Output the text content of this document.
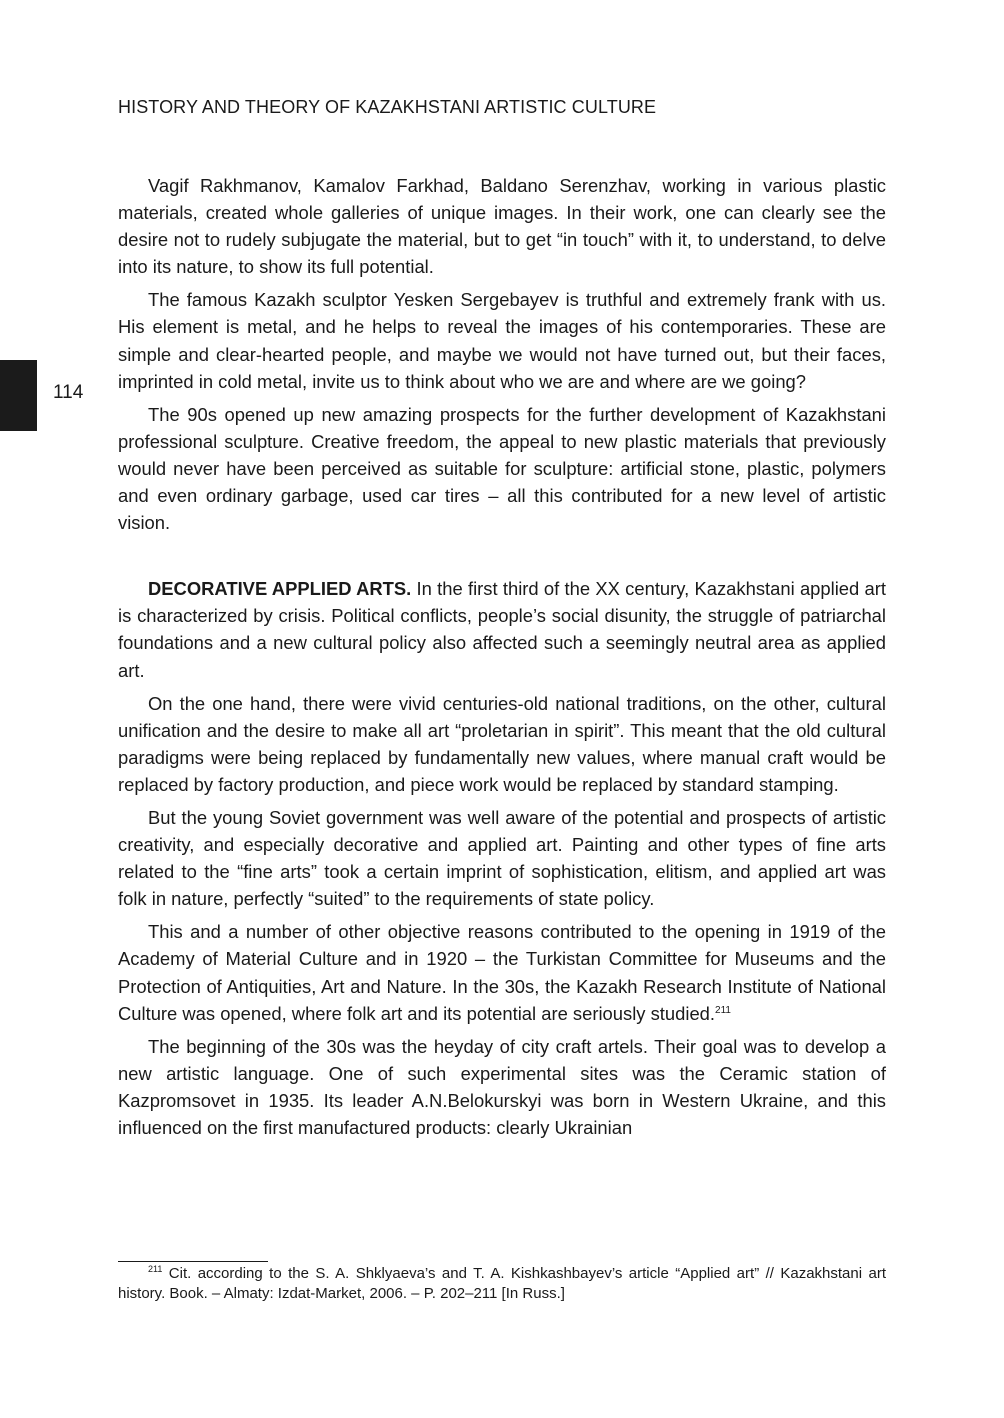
HISTORY AND THEORY OF KAZAKHSTANI ARTISTIC CULTURE
114

Vagif Rakhmanov, Kamalov Farkhad, Baldano Serenzhav, working in various plastic materials, created whole galleries of unique images. In their work, one can clearly see the desire not to rudely subjugate the material, but to get “in touch” with it, to understand, to delve into its nature, to show its full potential.

The famous Kazakh sculptor Yesken Sergebayev is truthful and extremely frank with us. His element is metal, and he helps to reveal the images of his contemporaries. These are simple and clear-hearted people, and maybe we would not have turned out, but their faces, imprinted in cold metal, invite us to think about who we are and where are we going?

The 90s opened up new amazing prospects for the further development of Kazakhstani professional sculpture. Creative freedom, the appeal to new plastic materials that previously would never have been perceived as suitable for sculpture: artificial stone, plastic, polymers and even ordinary garbage, used car tires – all this contributed for a new level of artistic vision.

DECORATIVE APPLIED ARTS. In the first third of the XX century, Kazakhstani applied art is characterized by crisis. Political conflicts, people’s social disunity, the struggle of patriarchal foundations and a new cultural policy also affected such a seemingly neutral area as applied art.

On the one hand, there were vivid centuries-old national traditions, on the other, cultural unification and the desire to make all art “proletarian in spirit”. This meant that the old cultural paradigms were being replaced by fundamentally new values, where manual craft would be replaced by factory production, and piece work would be replaced by standard stamping.

But the young Soviet government was well aware of the potential and prospects of artistic creativity, and especially decorative and applied art. Painting and other types of fine arts related to the “fine arts” took a certain imprint of sophistication, elitism, and applied art was folk in nature, perfectly “suited” to the requirements of state policy.

This and a number of other objective reasons contributed to the opening in 1919 of the Academy of Material Culture and in 1920 – the Turkistan Committee for Museums and the Protection of Antiquities, Art and Nature. In the 30s, the Kazakh Research Institute of National Culture was opened, where folk art and its potential are seriously studied.$^{211}$

The beginning of the 30s was the heyday of city craft artels. Their goal was to develop a new artistic language. One of such experimental sites was the Ceramic station of Kazpromsovet in 1935. Its leader A.N.Belokurskyi was born in Western Ukraine, and this influenced on the first manufactured products: clearly Ukrainian

$^{211}$ Cit. according to the S. A. Shklyaeva’s and T. A. Kishkashbayev’s article “Applied art” // Kazakhstani art history. Book. – Almaty: Izdat-Market, 2006. – P. 202–211 [In Russ.]
